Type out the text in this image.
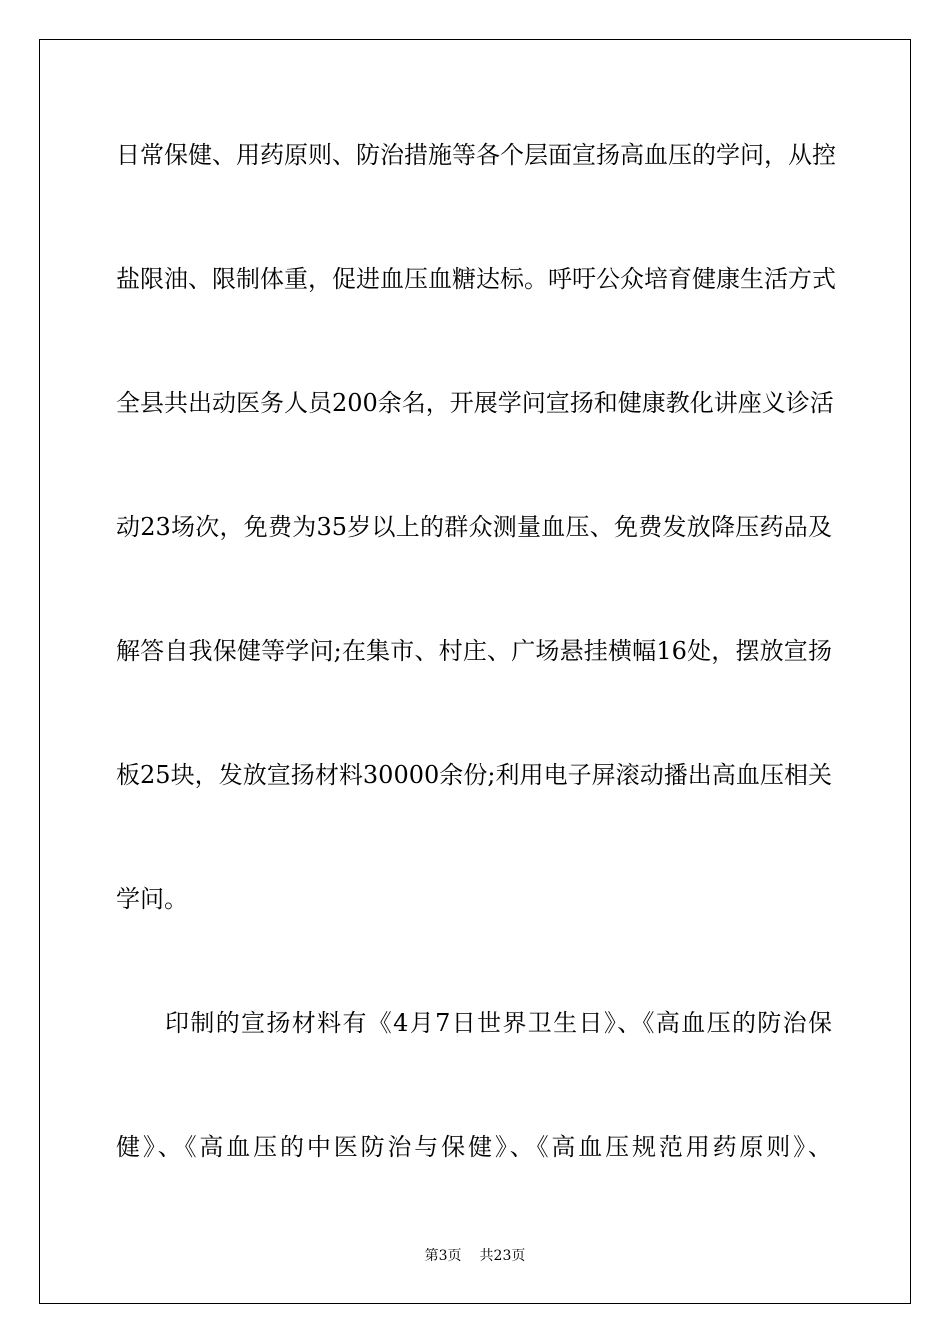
日常保健、用药原则、防治措施等各个层面宣扬高血压的学问，从控
盐限油、限制体重，促进血压血糖达标。呼吁公众培育健康生活方式
全县共出动医务人员200余名，开展学问宣扬和健康教化讲座义诊活
动23场次，免费为35岁以上的群众测量血压、免费发放降压药品及
解答自我保健等学问;在集市、村庄、广场悬挂横幅16处，摆放宣扬
板25块，发放宣扬材料30000余份;利用电子屏滚动播出高血压相关
学问。
印制的宣扬材料有《4月7日世界卫生日》、《高血压的防治保
健》、《高血压的中医防治与保健》、《高血压规范用药原则》、
第3页 共23页
